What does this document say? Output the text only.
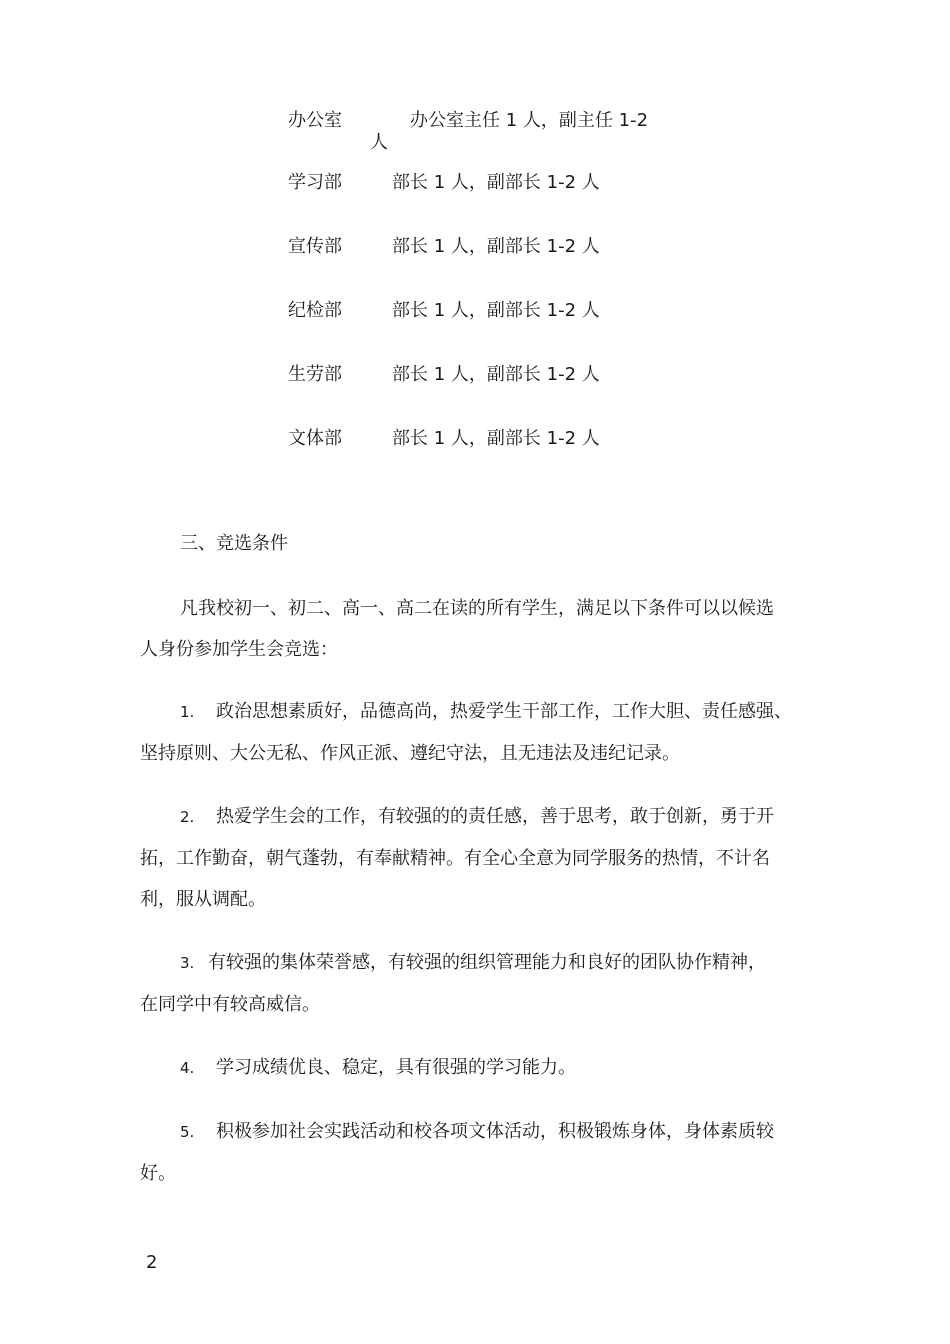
办公室	办公室主任 1 人，副主任 1-2
人
学习部	部长 1 人，副部长 1-2 人
宣传部	部长 1 人，副部长 1-2 人
纪检部	部长 1 人，副部长 1-2 人
生劳部	部长 1 人，副部长 1-2 人
文体部	部长 1 人，副部长 1-2 人
三、竞选条件

凡我校初一、初二、高一、高二在读的所有学生，满足以下条件可以以候选
人身份参加学生会竞选：

1. 政治思想素质好，品德高尚，热爱学生干部工作，工作大胆、责任感强、
坚持原则、大公无私、作风正派、遵纪守法，且无违法及违纪记录。

2. 热爱学生会的工作，有较强的的责任感，善于思考，敢于创新，勇于开
拓，工作勤奋，朝气蓬勃，有奉献精神。有全心全意为同学服务的热情，不计名
利，服从调配。

3. 有较强的集体荣誉感，有较强的组织管理能力和良好的团队协作精神，
在同学中有较高威信。

4. 学习成绩优良、稳定，具有很强的学习能力。

5. 积极参加社会实践活动和校各项文体活动，积极锻炼身体，身体素质较
好。

2
